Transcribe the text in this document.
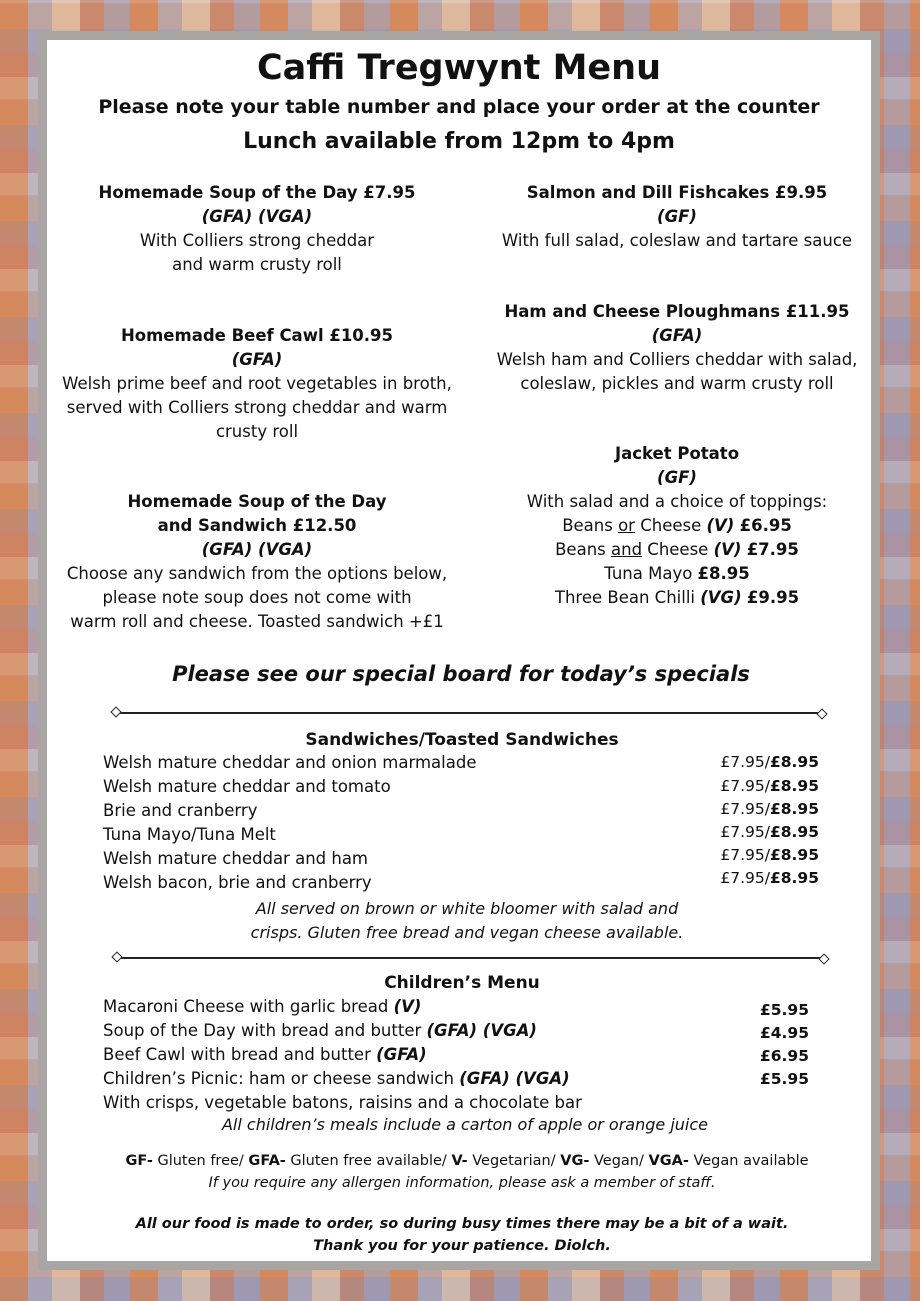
Caffi Tregwynt Menu
Please note your table number and place your order at the counter
Lunch available from 12pm to 4pm
Homemade Soup of the Day £7.95
(GFA) (VGA)
With Colliers strong cheddar
and warm crusty roll
Homemade Beef Cawl £10.95
(GFA)
Welsh prime beef and root vegetables in broth,
served with Colliers strong cheddar and warm
crusty roll
Homemade Soup of the Day
and Sandwich £12.50
(GFA) (VGA)
Choose any sandwich from the options below,
please note soup does not come with
warm roll and cheese. Toasted sandwich +£1
Salmon and Dill Fishcakes £9.95
(GF)
With full salad, coleslaw and tartare sauce
Ham and Cheese Ploughmans £11.95
(GFA)
Welsh ham and Colliers cheddar with salad,
coleslaw, pickles and warm crusty roll
Jacket Potato
(GF)
With salad and a choice of toppings:
Beans or Cheese (V) £6.95
Beans and Cheese (V) £7.95
Tuna Mayo £8.95
Three Bean Chilli (VG) £9.95
Please see our special board for today’s specials
Sandwiches/Toasted Sandwiches
Welsh mature cheddar and onion marmalade	£7.95/£8.95
Welsh mature cheddar and tomato	£7.95/£8.95
Brie and cranberry	£7.95/£8.95
Tuna Mayo/Tuna Melt	£7.95/£8.95
Welsh mature cheddar and ham	£7.95/£8.95
Welsh bacon, brie and cranberry	£7.95/£8.95
All served on brown or white bloomer with salad and
crisps. Gluten free bread and vegan cheese available.
Children’s Menu
Macaroni Cheese with garlic bread (V)	£5.95
Soup of the Day with bread and butter (GFA) (VGA)	£4.95
Beef Cawl with bread and butter (GFA)	£6.95
Children’s Picnic: ham or cheese sandwich (GFA) (VGA)	£5.95
With crisps, vegetable batons, raisins and a chocolate bar
All children’s meals include a carton of apple or orange juice
GF- Gluten free/ GFA- Gluten free available/ V- Vegetarian/ VG- Vegan/ VGA- Vegan available
If you require any allergen information, please ask a member of staff.
All our food is made to order, so during busy times there may be a bit of a wait.
Thank you for your patience. Diolch.
